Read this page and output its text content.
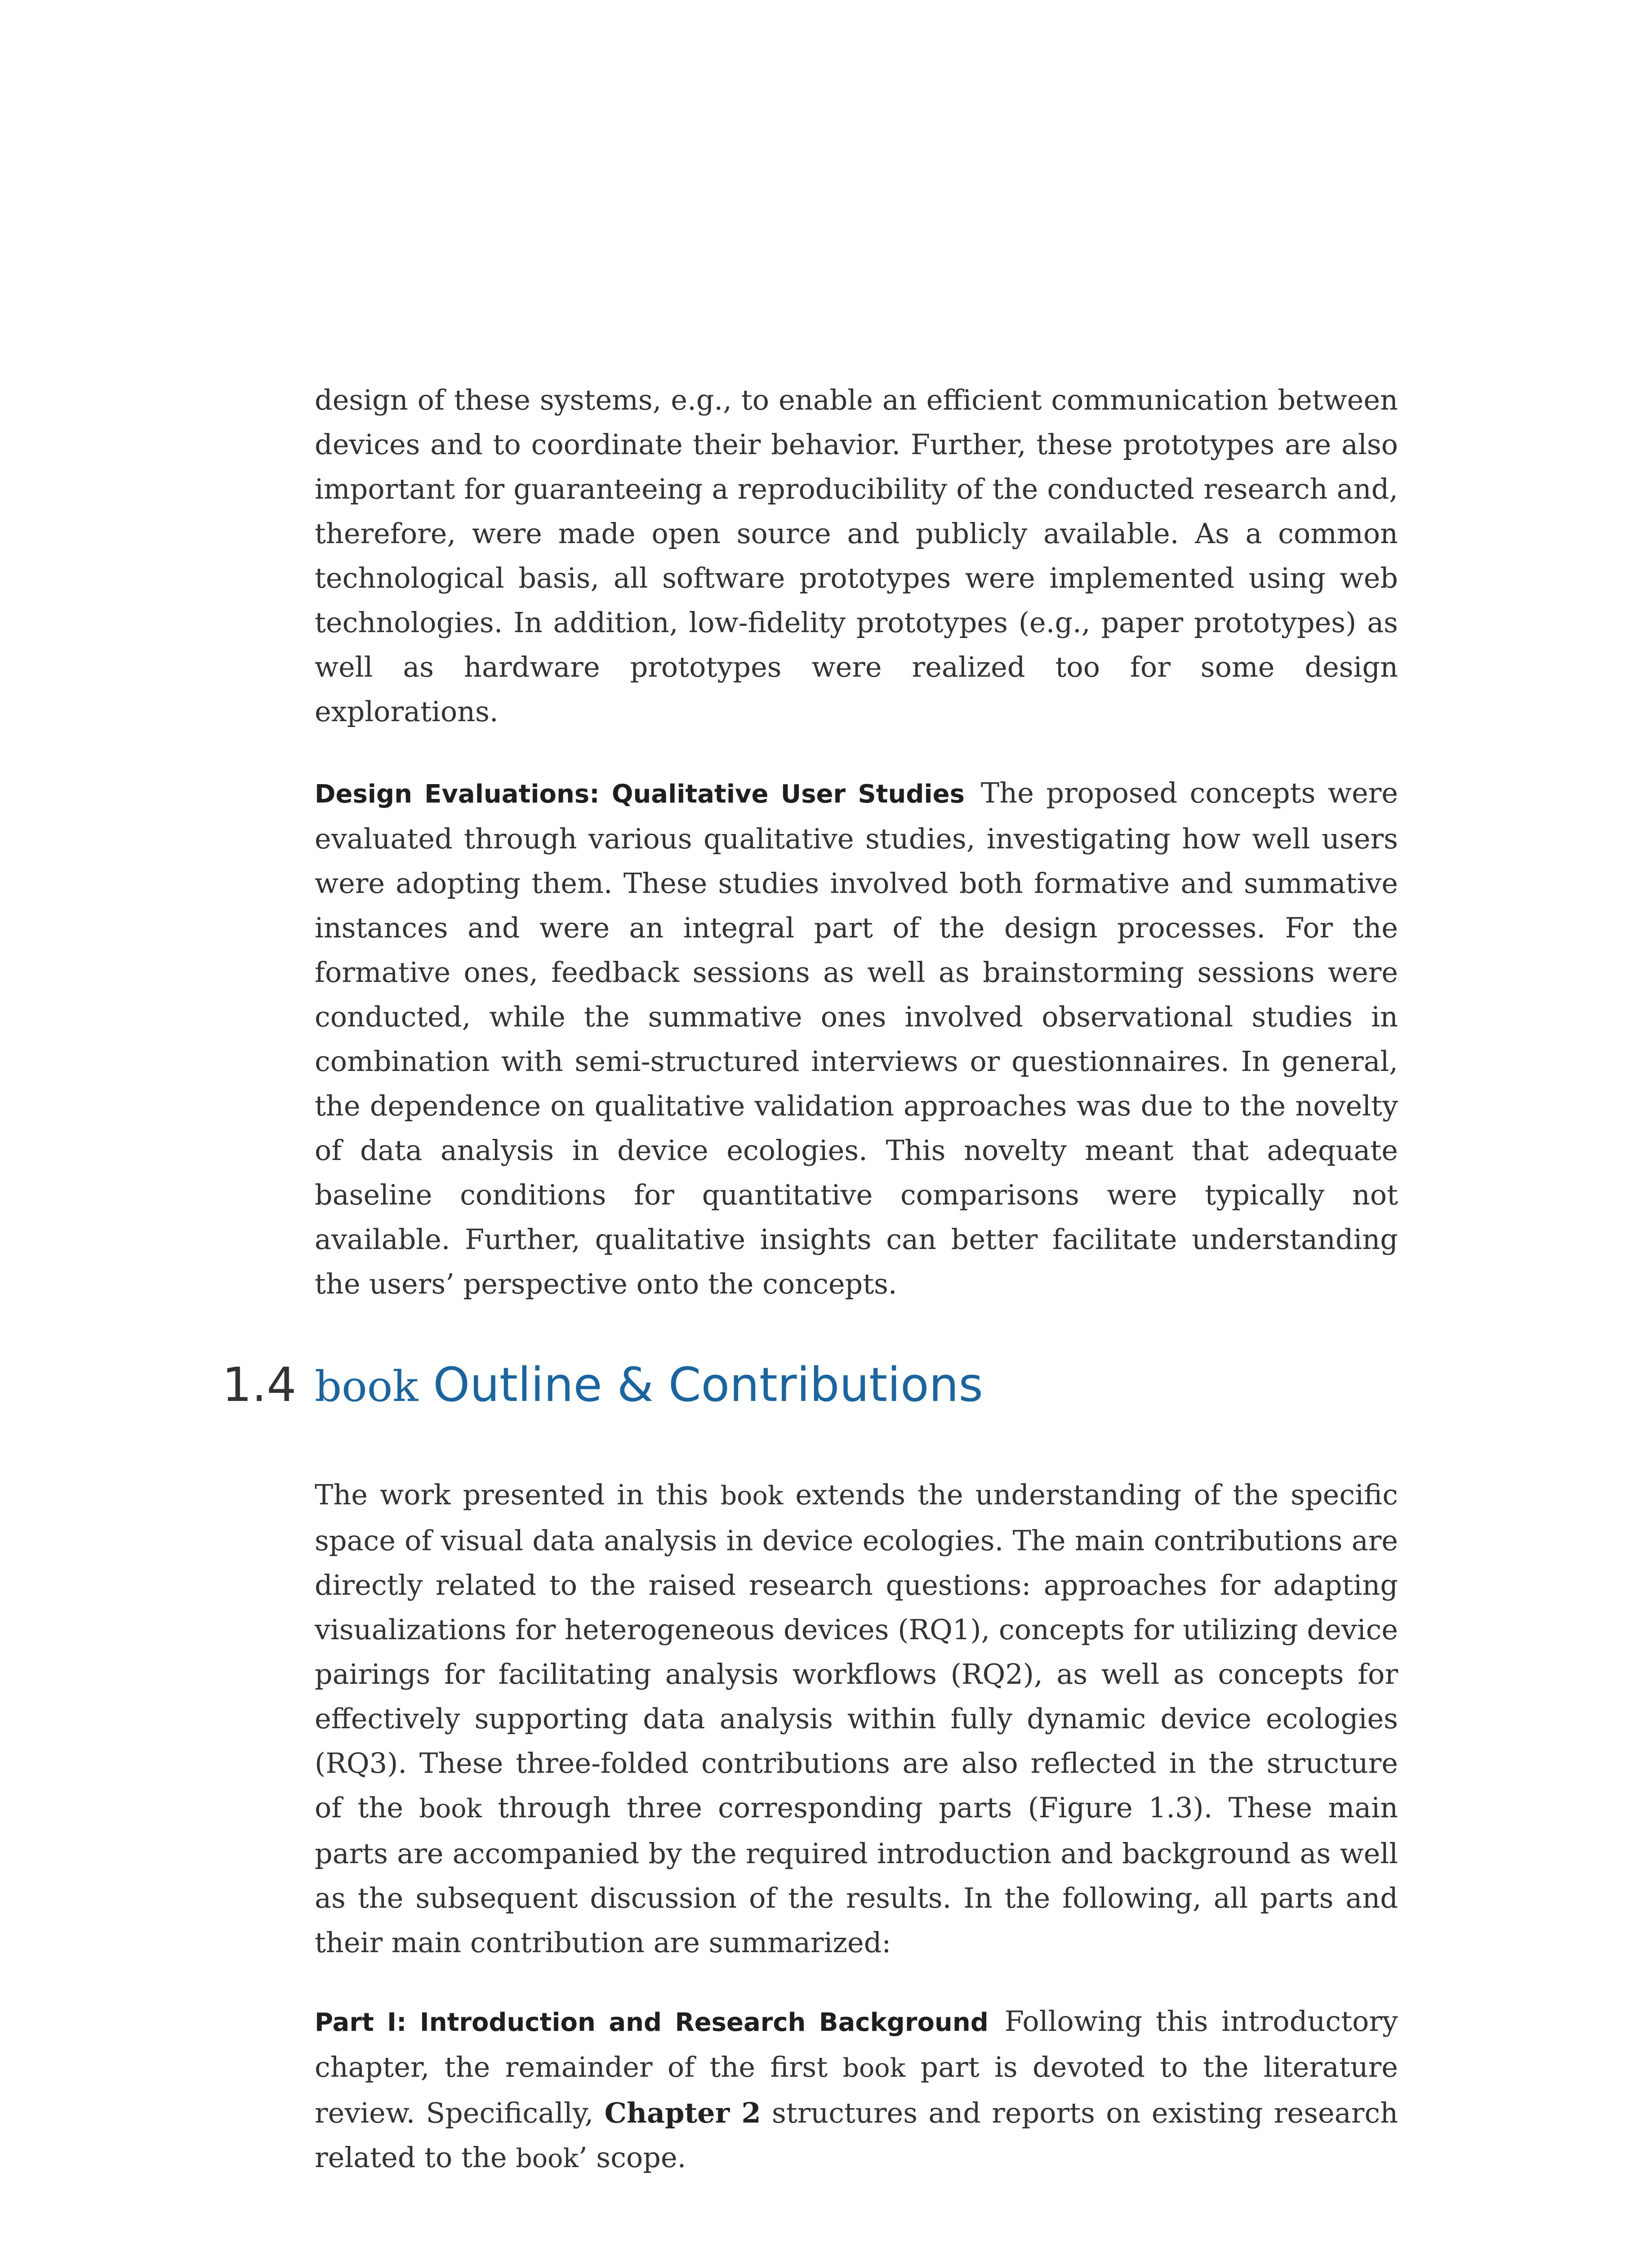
design of these systems, e.g., to enable an efficient communication between devices and to coordinate their behavior. Further, these prototypes are also important for guaranteeing a reproducibility of the conducted research and, therefore, were made open source and publicly available. As a common technological basis, all software prototypes were implemented using web technologies. In addition, low-fidelity prototypes (e.g., paper prototypes) as well as hardware prototypes were realized too for some design explorations.

Design Evaluations: Qualitative User Studies The proposed concepts were evaluated through various qualitative studies, investigating how well users were adopting them. These studies involved both formative and summative instances and were an integral part of the design processes. For the formative ones, feedback sessions as well as brainstorming sessions were conducted, while the summative ones involved observational studies in combination with semi-structured interviews or questionnaires. In general, the dependence on qualitative validation approaches was due to the novelty of data analysis in device ecologies. This novelty meant that adequate baseline conditions for quantitative comparisons were typically not available. Further, qualitative insights can better facilitate understanding the users’ perspective onto the concepts.

1.4 book Outline & Contributions

The work presented in this book extends the understanding of the specific space of visual data analysis in device ecologies. The main contributions are directly related to the raised research questions: approaches for adapting visualizations for heterogeneous devices (RQ1), concepts for utilizing device pairings for facilitating analysis workflows (RQ2), as well as concepts for effectively supporting data analysis within fully dynamic device ecologies (RQ3). These three-folded contributions are also reflected in the structure of the book through three corresponding parts (Figure 1.3). These main parts are accompanied by the required introduction and background as well as the subsequent discussion of the results. In the following, all parts and their main contribution are summarized:

Part I: Introduction and Research Background Following this introductory chapter, the remainder of the first book part is devoted to the literature review. Specifically, Chapter 2 structures and reports on existing research related to the book’ scope.
